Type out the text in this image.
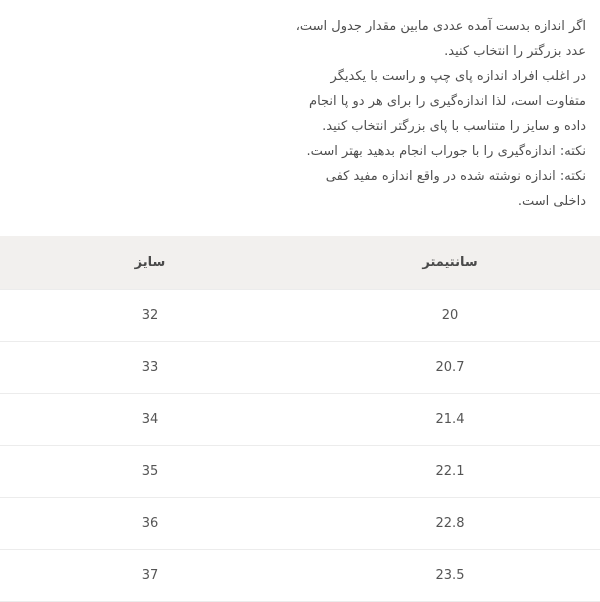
اگر اندازه بدست آمده عددی مابین مقدار جدول است،
عدد بزرگتر را انتخاب کنید.
در اغلب افراد اندازه پای چپ و راست با یکدیگر
متفاوت است، لذا اندازه‌گیری را برای هر دو پا انجام
داده و سایز را متناسب با پای بزرگتر انتخاب کنید.
نکته: اندازه‌گیری را با جوراب انجام بدهید بهتر است.
نکته: اندازه نوشته شده در واقع اندازه مفید کفی
داخلی است.
سانتیمتر	سایز
20	32
20.7	33
21.4	34
22.1	35
22.8	36
23.5	37
